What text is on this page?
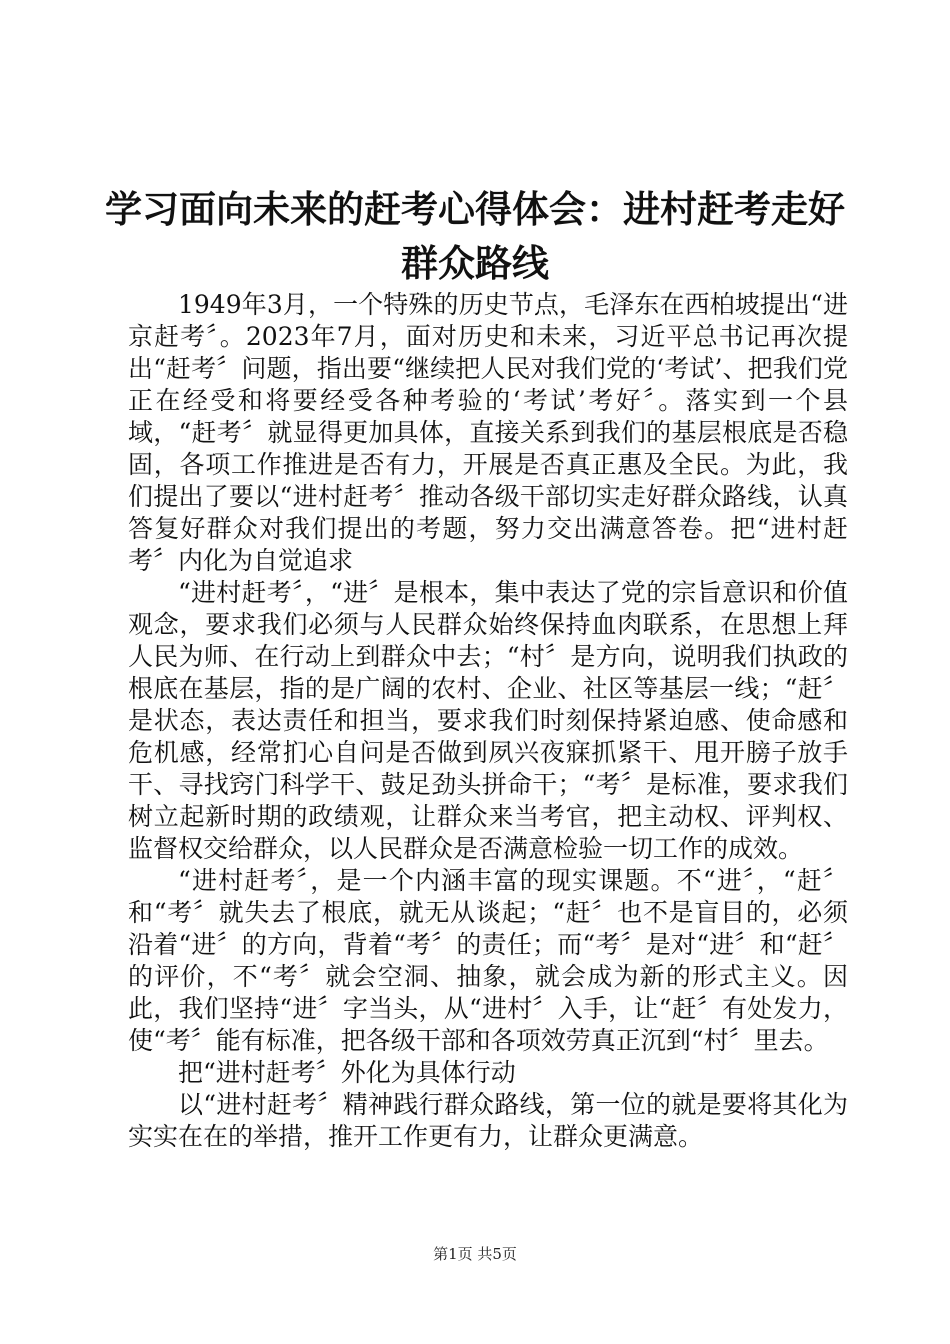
学习面向未来的赶考心得体会：进村赶考走好
群众路线

1949年3月，一个特殊的历史节点，毛泽东在西柏坡提出“进京赶考〞。2023年7月，面对历史和未来，习近平总书记再次提出“赶考〞问题，指出要“继续把人民对我们党的‘考试’、把我们党正在经受和将要经受各种考验的‘考试’考好〞。落实到一个县域，“赶考〞就显得更加具体，直接关系到我们的基层根底是否稳固，各项工作推进是否有力，开展是否真正惠及全民。为此，我们提出了要以“进村赶考〞推动各级干部切实走好群众路线，认真答复好群众对我们提出的考题，努力交出满意答卷。把“进村赶考〞内化为自觉追求

“进村赶考〞，“进〞是根本，集中表达了党的宗旨意识和价值观念，要求我们必须与人民群众始终保持血肉联系，在思想上拜人民为师、在行动上到群众中去；“村〞是方向，说明我们执政的根底在基层，指的是广阔的农村、企业、社区等基层一线；“赶〞是状态，表达责任和担当，要求我们时刻保持紧迫感、使命感和危机感，经常扪心自问是否做到夙兴夜寐抓紧干、甩开膀子放手干、寻找窍门科学干、鼓足劲头拼命干；“考〞是标准，要求我们树立起新时期的政绩观，让群众来当考官，把主动权、评判权、监督权交给群众，以人民群众是否满意检验一切工作的成效。

“进村赶考〞，是一个内涵丰富的现实课题。不“进〞，“赶〞和“考〞就失去了根底，就无从谈起；“赶〞也不是盲目的，必须沿着“进〞的方向，背着“考〞的责任；而“考〞是对“进〞和“赶〞的评价，不“考〞就会空洞、抽象，就会成为新的形式主义。因此，我们坚持“进〞字当头，从“进村〞入手，让“赶〞有处发力，使“考〞能有标准，把各级干部和各项效劳真正沉到“村〞里去。

把“进村赶考〞外化为具体行动

以“进村赶考〞精神践行群众路线，第一位的就是要将其化为实实在在的举措，推开工作更有力，让群众更满意。

第1页 共5页
